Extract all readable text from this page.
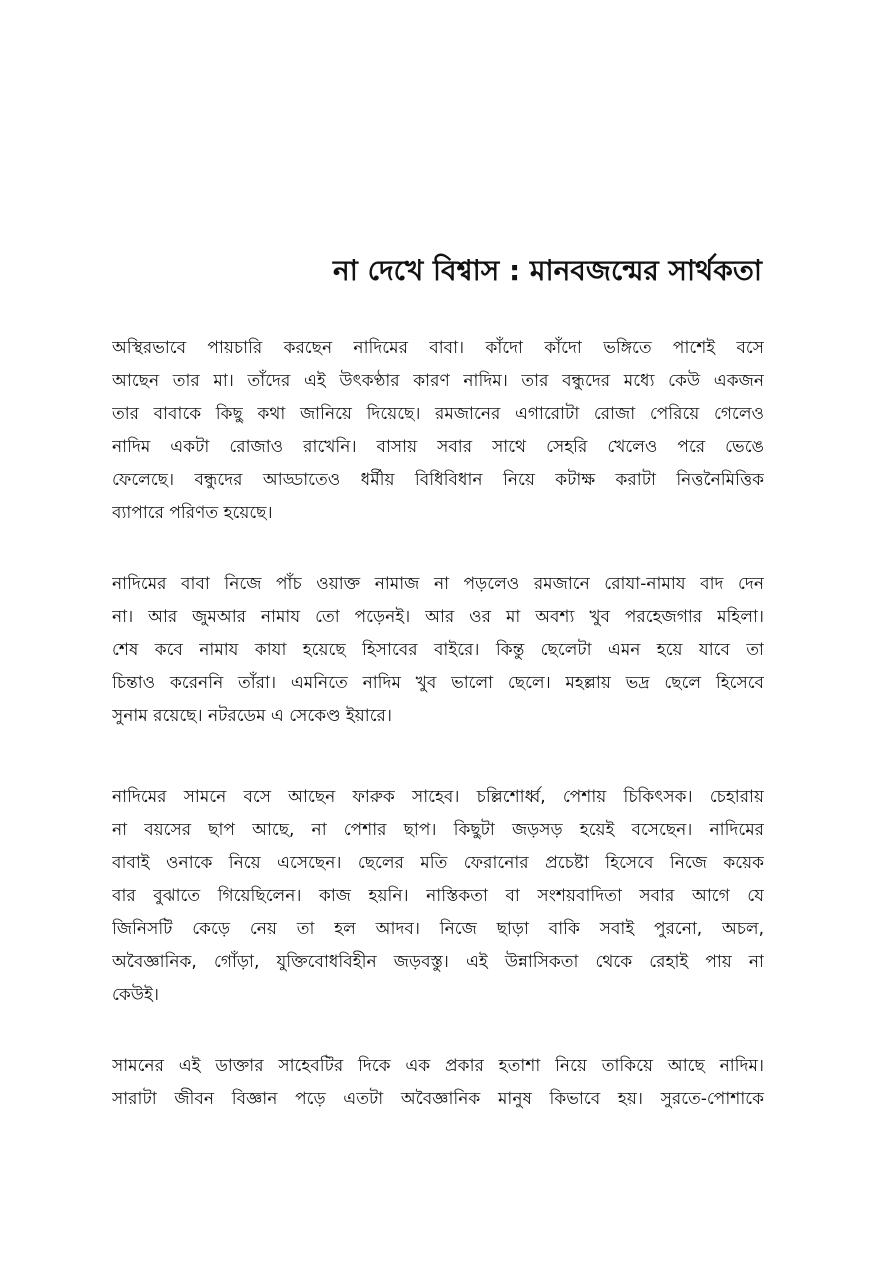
না দেখে বিশ্বাস : মানবজন্মের সার্থকতা

অস্থিরভাবে পায়চারি করছেন নাদিমের বাবা। কাঁদো কাঁদো ভঙ্গিতে পাশেই বসে
আছেন তার মা। তাঁদের এই উৎকণ্ঠার কারণ নাদিম। তার বন্ধুদের মধ্যে কেউ একজন
তার বাবাকে কিছু কথা জানিয়ে দিয়েছে। রমজানের এগারোটা রোজা পেরিয়ে গেলেও
নাদিম একটা রোজাও রাখেনি। বাসায় সবার সাথে সেহরি খেলেও পরে ভেঙে
ফেলেছে। বন্ধুদের আড্ডাতেও ধর্মীয় বিধিবিধান নিয়ে কটাক্ষ করাটা নিত্তনৈমিত্তিক
ব্যাপারে পরিণত হয়েছে।

নাদিমের বাবা নিজে পাঁচ ওয়াক্ত নামাজ না পড়লেও রমজানে রোযা-নামায বাদ দেন
না। আর জুমআর নামায তো পড়েনই। আর ওর মা অবশ্য খুব পরহেজগার মহিলা।
শেষ কবে নামায কাযা হয়েছে হিসাবের বাইরে। কিন্তু ছেলেটা এমন হয়ে যাবে তা
চিন্তাও করেননি তাঁরা। এমনিতে নাদিম খুব ভালো ছেলে। মহল্লায় ভদ্র ছেলে হিসেবে
সুনাম রয়েছে। নটরডেম এ সেকেণ্ড ইয়ারে।

নাদিমের সামনে বসে আছেন ফারুক সাহেব। চল্লিশোর্ধ্ব, পেশায় চিকিৎসক। চেহারায়
না বয়সের ছাপ আছে, না পেশার ছাপ। কিছুটা জড়সড় হয়েই বসেছেন। নাদিমের
বাবাই ওনাকে নিয়ে এসেছেন। ছেলের মতি ফেরানোর প্রচেষ্টা হিসেবে নিজে কয়েক
বার বুঝাতে গিয়েছিলেন। কাজ হয়নি। নাস্তিকতা বা সংশয়বাদিতা সবার আগে যে
জিনিসটি কেড়ে নেয় তা হল আদব। নিজে ছাড়া বাকি সবাই পুরনো, অচল,
অবৈজ্ঞানিক, গোঁড়া, যুক্তিবোধবিহীন জড়বস্তু। এই উন্নাসিকতা থেকে রেহাই পায় না
কেউই।

সামনের এই ডাক্তার সাহেবটির দিকে এক প্রকার হতাশা নিয়ে তাকিয়ে আছে নাদিম।
সারাটা জীবন বিজ্ঞান পড়ে এতটা অবৈজ্ঞানিক মানুষ কিভাবে হয়। সুরতে-পোশাকে
